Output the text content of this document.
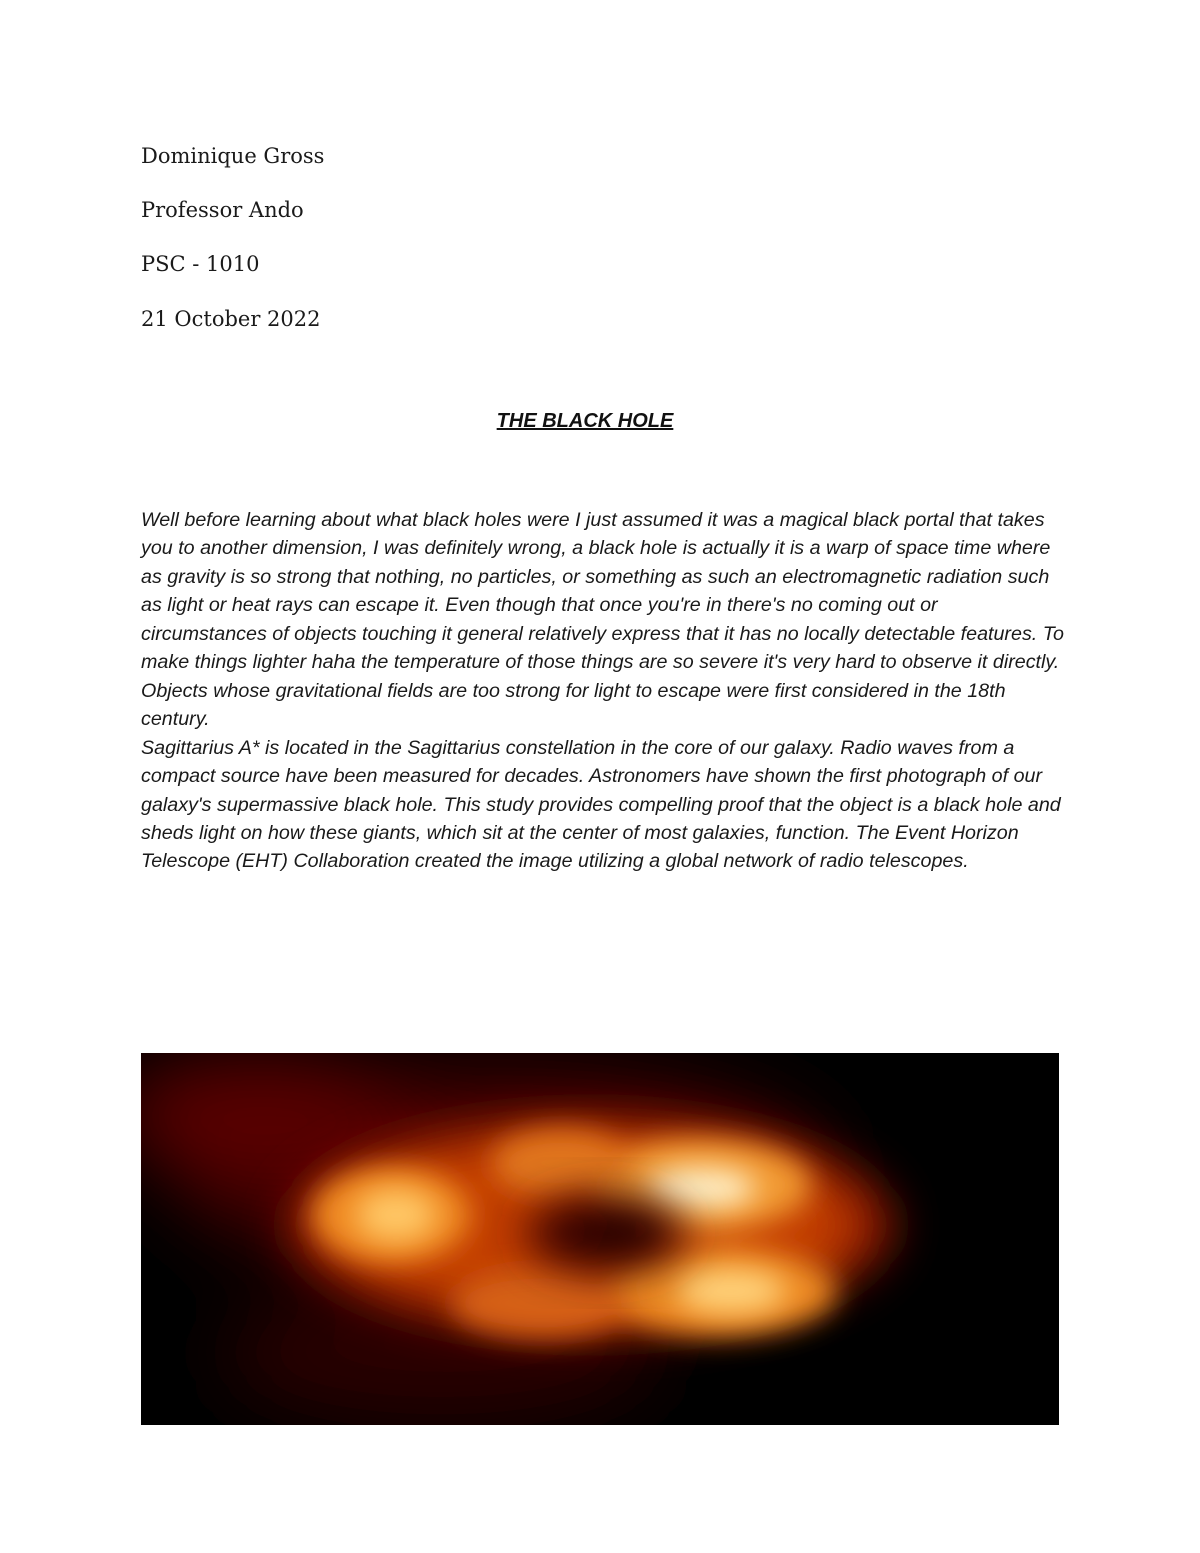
Dominique Gross
Professor Ando
PSC - 1010
21 October 2022
THE BLACK HOLE

Well before learning about what black holes were I just assumed it was a magical black portal that takes you to another dimension, I was definitely wrong, a black hole is actually it is a warp of space time where as gravity is so strong that nothing, no particles, or something as such an electromagnetic radiation such as light or heat rays can escape it. Even though that once you're in there's no coming out or circumstances of objects touching it general relatively express that it has no locally detectable features. To make things lighter haha the temperature of those things are so severe it's very hard to observe it directly. Objects whose gravitational fields are too strong for light to escape were first considered in the 18th century.

Sagittarius A* is located in the Sagittarius constellation in the core of our galaxy. Radio waves from a compact source have been measured for decades. Astronomers have shown the first photograph of our galaxy's supermassive black hole. This study provides compelling proof that the object is a black hole and sheds light on how these giants, which sit at the center of most galaxies, function. The Event Horizon Telescope (EHT) Collaboration created the image utilizing a global network of radio telescopes.
